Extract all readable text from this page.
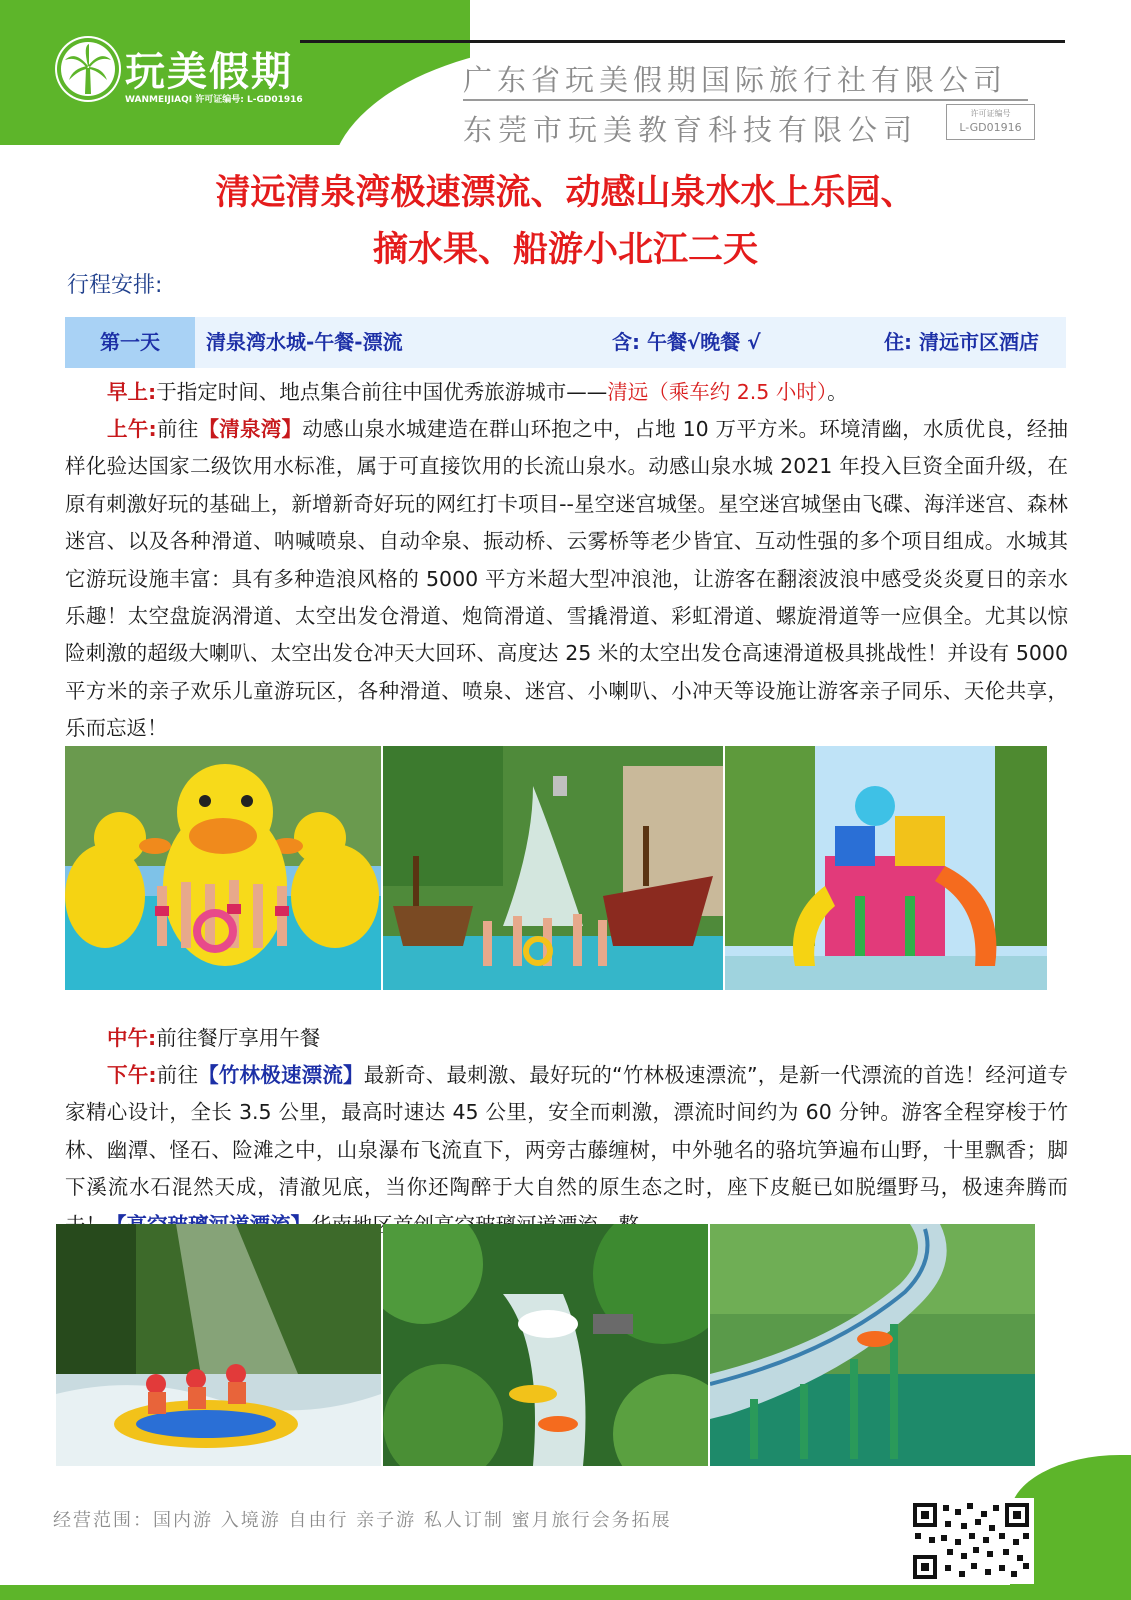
玩美假期
WANMEIJIAQI 许可证编号: L-GD01916
广东省玩美假期国际旅行社有限公司
东莞市玩美教育科技有限公司	许可证编号
L-GD01916
清远清泉湾极速漂流、动感山泉水水上乐园、
摘水果、船游小北江二天
行程安排:
第一天	清泉湾水城-午餐-漂流	含: 午餐√晚餐 √	住: 清远市区酒店
早上:于指定时间、地点集合前往中国优秀旅游城市——清远（乘车约 2.5 小时）。
上午:前往【清泉湾】动感山泉水城建造在群山环抱之中，占地 10 万平方米。环境清幽，水质优良，经抽样化验达国家二级饮用水标准，属于可直接饮用的长流山泉水。动感山泉水城 2021 年投入巨资全面升级，在原有刺激好玩的基础上，新增新奇好玩的网红打卡项目--星空迷宫城堡。星空迷宫城堡由飞碟、海洋迷宫、森林迷宫、以及各种滑道、呐喊喷泉、自动伞泉、振动桥、云雾桥等老少皆宜、互动性强的多个项目组成。水城其它游玩设施丰富：具有多种造浪风格的 5000 平方米超大型冲浪池，让游客在翻滚波浪中感受炎炎夏日的亲水乐趣！太空盘旋涡滑道、太空出发仓滑道、炮筒滑道、雪撬滑道、彩虹滑道、螺旋滑道等一应俱全。尤其以惊险刺激的超级大喇叭、太空出发仓冲天大回环、高度达 25 米的太空出发仓高速滑道极具挑战性！并设有 5000 平方米的亲子欢乐儿童游玩区，各种滑道、喷泉、迷宫、小喇叭、小冲天等设施让游客亲子同乐、天伦共享，乐而忘返！
中午:前往餐厅享用午餐
下午:前往【竹林极速漂流】最新奇、最刺激、最好玩的“竹林极速漂流”，是新一代漂流的首选！经河道专家精心设计，全长 3.5 公里，最高时速达 45 公里，安全而刺激，漂流时间约为 60 分钟。游客全程穿梭于竹林、幽潭、怪石、险滩之中，山泉瀑布飞流直下，两旁古藤缠树，中外驰名的骆坑笋遍布山野，十里飘香；脚下溪流水石混然天成，清澈见底，当你还陶醉于大自然的原生态之时，座下皮艇已如脱缰野马，极速奔腾而
经营范围：国内游 入境游 自由行 亲子游 私人订制 蜜月旅行会务拓展
